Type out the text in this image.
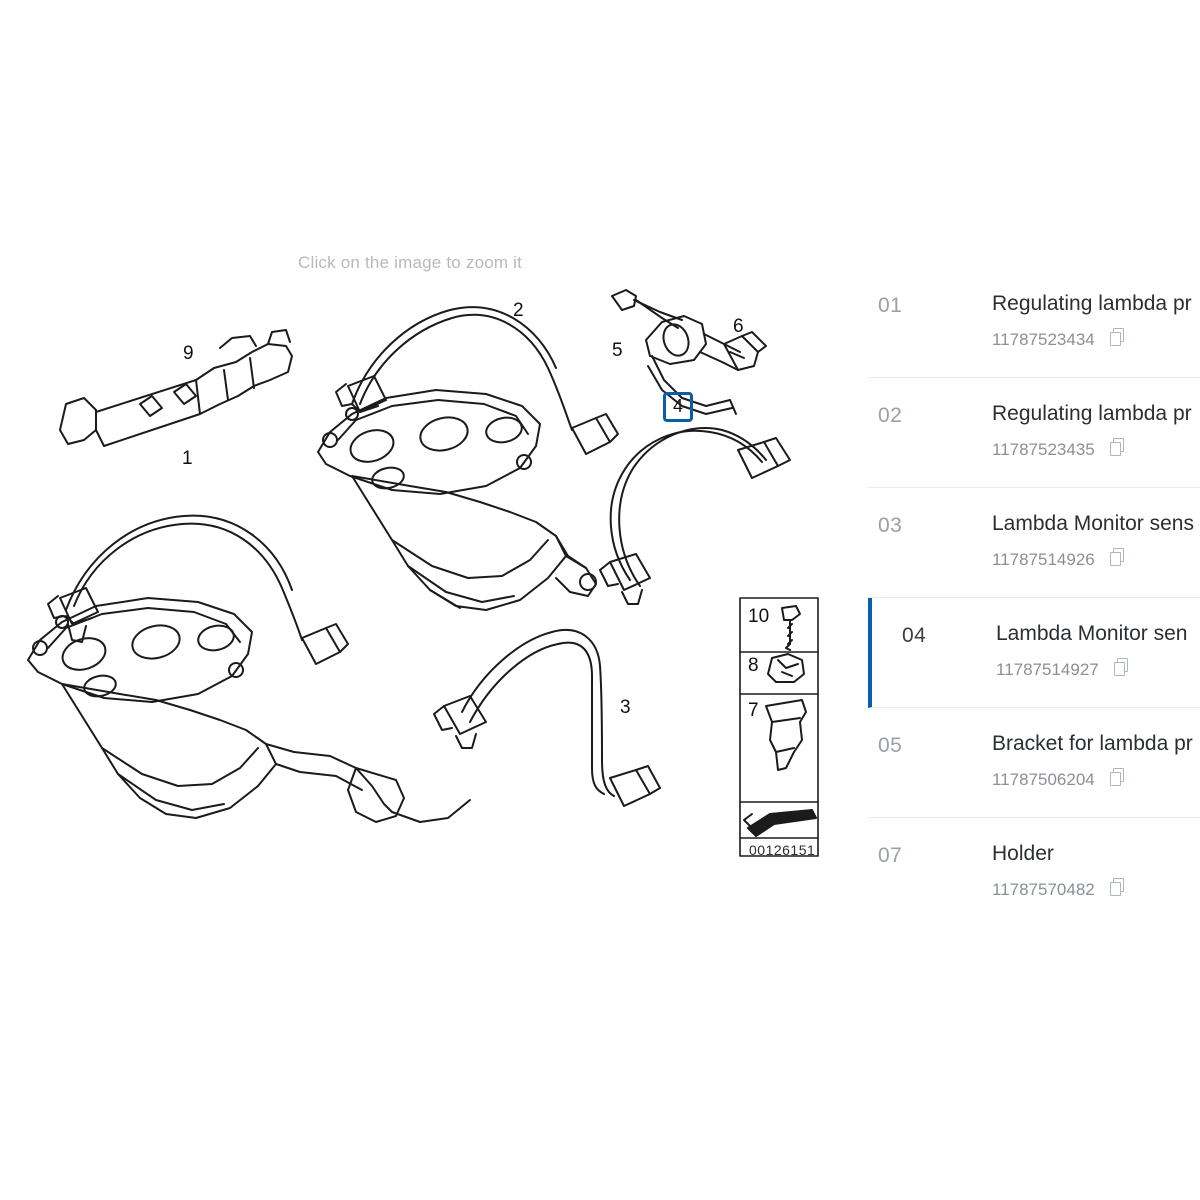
Click on the image to zoom it
9
2
5
6
1
3
10
8
7
4
00126151
01	Regulating lambda pr
11787523434
02	Regulating lambda pr
11787523435
03	Lambda Monitor sens
11787514926
04	Lambda Monitor sen
11787514927
05	Bracket for lambda pr
11787506204
07	Holder
11787570482
